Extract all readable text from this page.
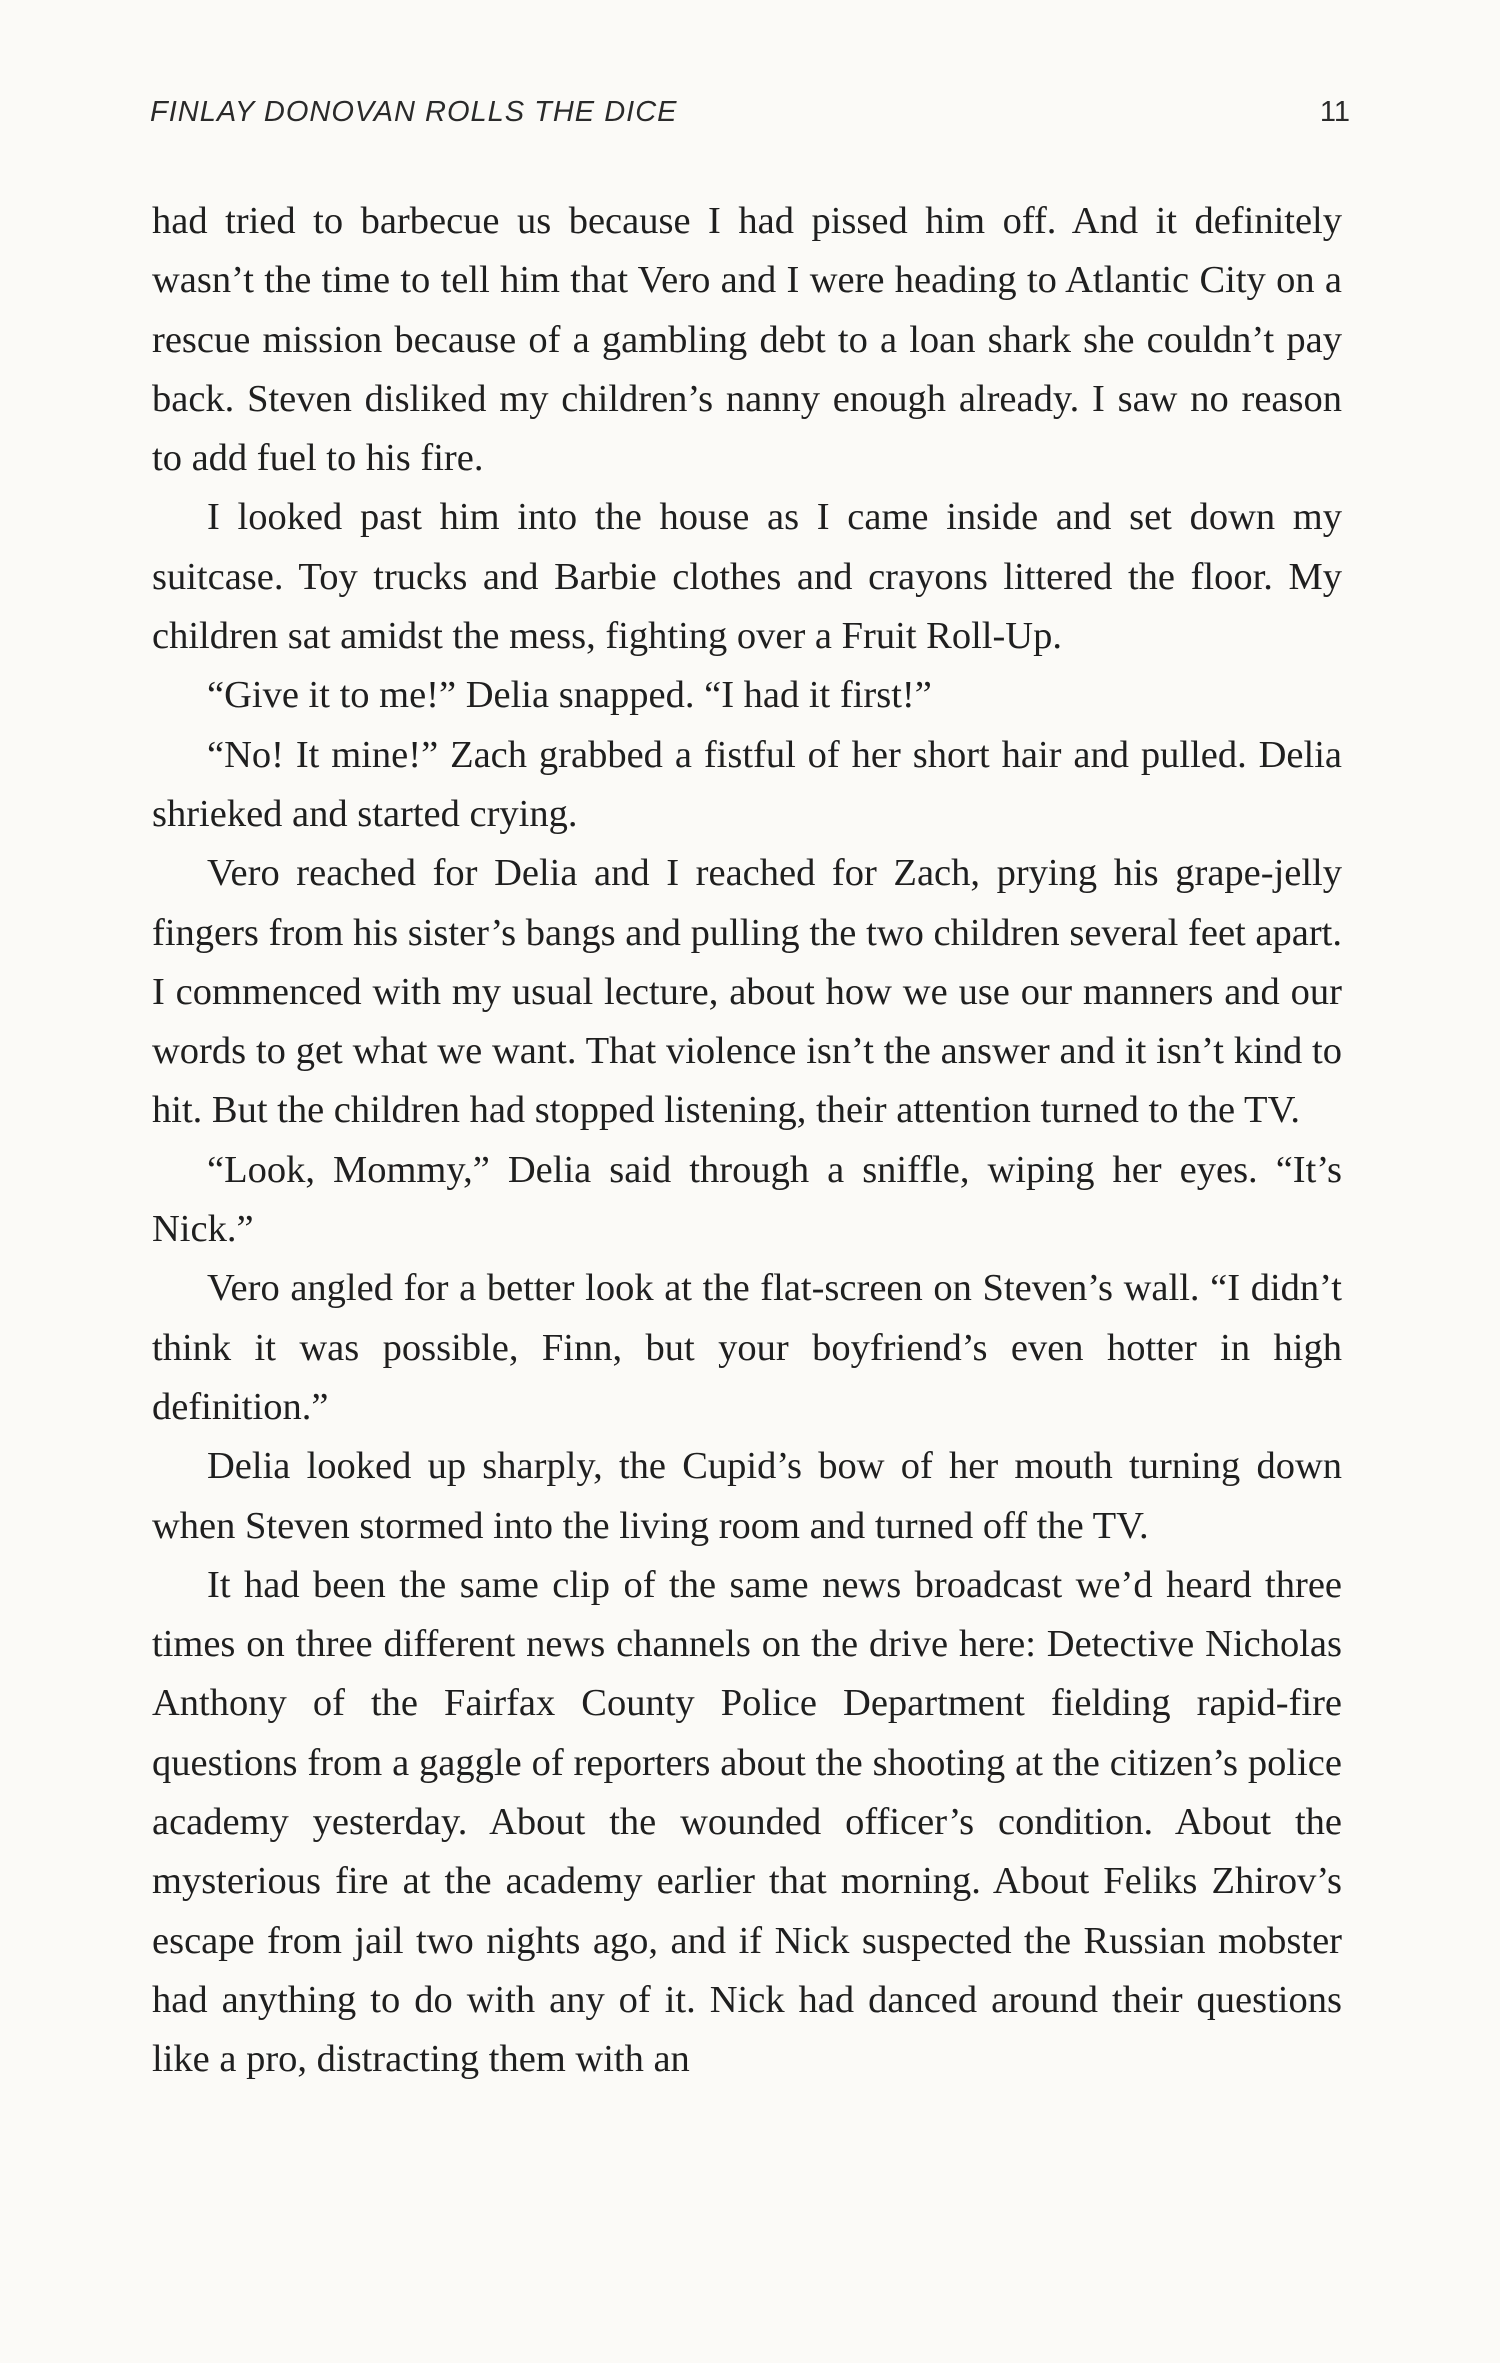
FINLAY DONOVAN ROLLS THE DICE	11

had tried to barbecue us because I had pissed him off. And it definitely wasn’t the time to tell him that Vero and I were heading to Atlantic City on a rescue mission because of a gambling debt to a loan shark she couldn’t pay back. Steven disliked my children’s nanny enough already. I saw no reason to add fuel to his fire.

I looked past him into the house as I came inside and set down my suitcase. Toy trucks and Barbie clothes and crayons littered the floor. My children sat amidst the mess, fighting over a Fruit Roll-Up.

“Give it to me!” Delia snapped. “I had it first!”

“No! It mine!” Zach grabbed a fistful of her short hair and pulled. Delia shrieked and started crying.

Vero reached for Delia and I reached for Zach, prying his grape-jelly fingers from his sister’s bangs and pulling the two children several feet apart. I commenced with my usual lecture, about how we use our manners and our words to get what we want. That violence isn’t the answer and it isn’t kind to hit. But the children had stopped listening, their attention turned to the TV.

“Look, Mommy,” Delia said through a sniffle, wiping her eyes. “It’s Nick.”

Vero angled for a better look at the flat-screen on Steven’s wall. “I didn’t think it was possible, Finn, but your boyfriend’s even hotter in high definition.”

Delia looked up sharply, the Cupid’s bow of her mouth turning down when Steven stormed into the living room and turned off the TV.

It had been the same clip of the same news broadcast we’d heard three times on three different news channels on the drive here: Detective Nicholas Anthony of the Fairfax County Police Department fielding rapid-fire questions from a gaggle of reporters about the shooting at the citizen’s police academy yesterday. About the wounded officer’s condition. About the mysterious fire at the academy earlier that morning. About Feliks Zhirov’s escape from jail two nights ago, and if Nick suspected the Russian mobster had anything to do with any of it. Nick had danced around their questions like a pro, distracting them with an
